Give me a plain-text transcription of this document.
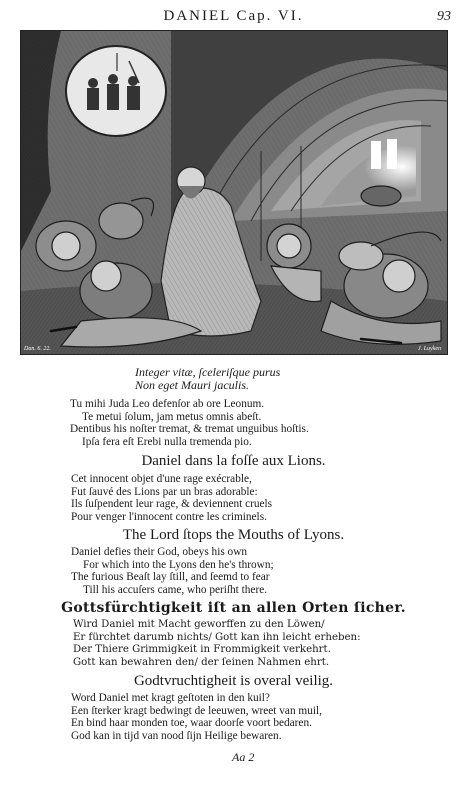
DANIEL Cap. VI.	93
Dan. 6. 22.	J. Luyken
Integer vitæ, ſceleriſque purus
Non eget Mauri jaculis.
Tu mihi Juda Leo defenſor ab ore Leonum.
Te metui ſolum, jam metus omnis abeſt.
Dentibus his noſter tremat, & tremat unguibus hoſtis.
Ipſa fera eſt Erebi nulla tremenda pio.
Daniel dans la foſſe aux Lions.
Cet innocent objet d'une rage exécrable,
Fut ſauvé des Lions par un bras adorable:
Ils ſuſpendent leur rage, & deviennent cruels
Pour venger l'innocent contre les criminels.
The Lord ſtops the Mouths of Lyons.
Daniel defies their God, obeys his own
For which into the Lyons den he's thrown;
The furious Beaſt lay ſtill, and ſeemd to fear
Till his accuſers came, who periſht there.
Gottsfürchtigkeit iſt an allen Orten ſicher.
Wird Daniel mit Macht geworffen zu den Löwen/
Er fürchtet darumb nichts/ Gott kan ihn leicht erheben:
Der Thiere Grimmigkeit in Frommigkeit verkehrt.
Gott kan bewahren den/ der ſeinen Nahmen ehrt.
Godtvruchtigheit is overal veilig.
Word Daniel met kragt geſtoten in den kuil?
Een ſterker kragt bedwingt de leeuwen, wreet van muil,
En bind haar monden toe, waar doorſe voort bedaren.
God kan in tijd van nood ſijn Heilige bewaren.
Aa 2
